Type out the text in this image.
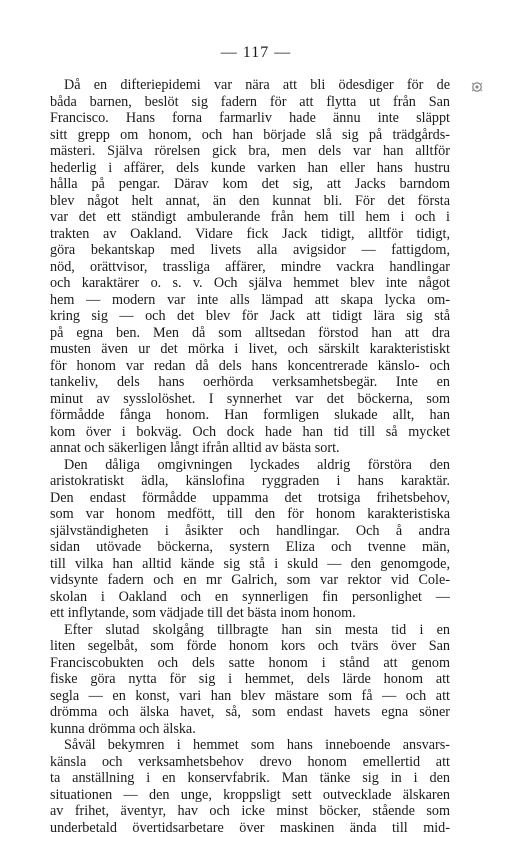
— 117 —
Då en difteriepidemi var nära att bli ödesdiger för de
båda barnen, beslöt sig fadern för att flytta ut från San
Francisco. Hans forna farmarliv hade ännu inte släppt
sitt grepp om honom, och han började slå sig på trädgårds-
mästeri. Själva rörelsen gick bra, men dels var han alltför
hederlig i affärer, dels kunde varken han eller hans hustru
hålla på pengar. Därav kom det sig, att Jacks barndom
blev något helt annat, än den kunnat bli. För det första
var det ett ständigt ambulerande från hem till hem i och i
trakten av Oakland. Vidare fick Jack tidigt, alltför tidigt,
göra bekantskap med livets alla avigsidor — fattigdom,
nöd, orättvisor, trassliga affärer, mindre vackra handlingar
och karaktärer o. s. v. Och själva hemmet blev inte något
hem — modern var inte alls lämpad att skapa lycka om-
kring sig — och det blev för Jack att tidigt lära sig stå
på egna ben. Men då som alltsedan förstod han att dra
musten även ur det mörka i livet, och särskilt karakteristiskt
för honom var redan då dels hans koncentrerade känslo- och
tankeliv, dels hans oerhörda verksamhetsbegär. Inte en
minut av sysslolöshet. I synnerhet var det böckerna, som
förmådde fånga honom. Han formligen slukade allt, han
kom över i bokväg. Och dock hade han tid till så mycket
annat och säkerligen långt ifrån alltid av bästa sort.
Den dåliga omgivningen lyckades aldrig förstöra den
aristokratiskt ädla, känslofina ryggraden i hans karaktär.
Den endast förmådde uppamma det trotsiga frihetsbehov,
som var honom medfött, till den för honom karakteristiska
självständigheten i åsikter och handlingar. Och å andra
sidan utövade böckerna, systern Eliza och tvenne män,
till vilka han alltid kände sig stå i skuld — den genomgode,
vidsynte fadern och en mr Galrich, som var rektor vid Cole-
skolan i Oakland och en synnerligen fin personlighet —
ett inflytande, som vädjade till det bästa inom honom.
Efter slutad skolgång tillbragte han sin mesta tid i en
liten segelbåt, som förde honom kors och tvärs över San
Franciscobukten och dels satte honom i stånd att genom
fiske göra nytta för sig i hemmet, dels lärde honom att
segla — en konst, vari han blev mästare som få — och att
drömma och älska havet, så, som endast havets egna söner
kunna drömma och älska.
Såväl bekymren i hemmet som hans inneboende ansvars-
känsla och verksamhetsbehov drevo honom emellertid att
ta anställning i en konservfabrik. Man tänke sig in i den
situationen — den unge, kroppsligt sett outvecklade älskaren
av frihet, äventyr, hav och icke minst böcker, stående som
underbetald övertidsarbetare över maskinen ända till mid-
